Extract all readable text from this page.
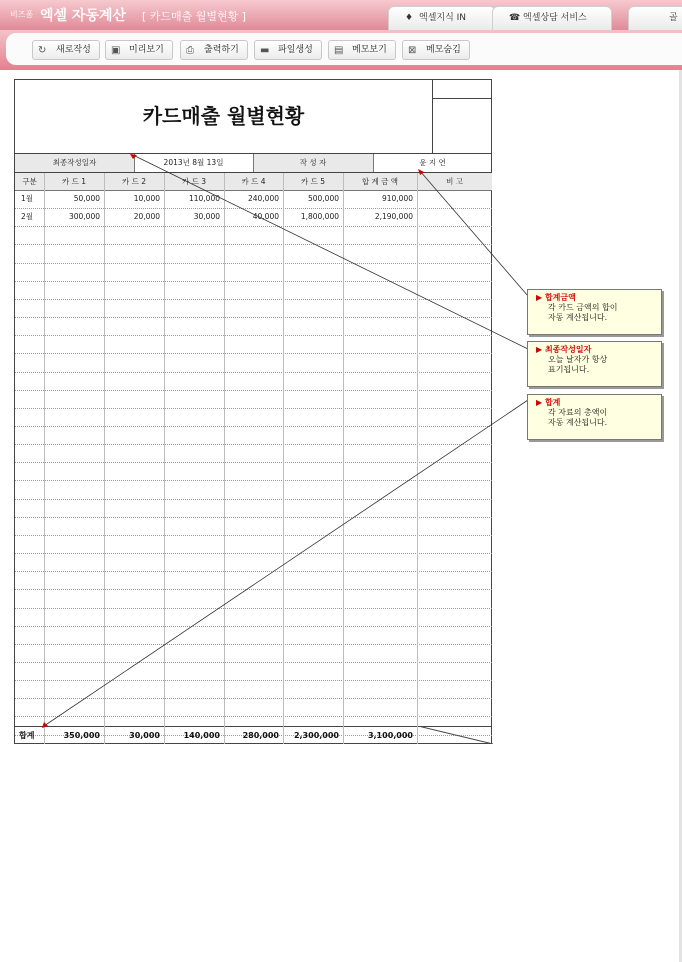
비즈폼 엑셀 자동계산 [ 카드매출 월별현황 ]	♦ 엑셀지식 IN	☎ 엑셀상담 서비스	골
↻ 새로작성	▣ 미리보기	⎙ 출력하기	▬ 파일생성	▤ 메모보기	⊠ 메모숨김
카드매출 월별현황
최종작성일자	2013년 8월 13일	작 성 자	윤 지 연
구분	카 드 1	카 드 2	카 드 3	카 드 4	카 드 5	합 계 금 액	비 고
1월	50,000	10,000	110,000	240,000	500,000	910,000
2월	300,000	20,000	30,000	40,000	1,800,000	2,190,000
합계	350,000	30,000	140,000	280,000	2,300,000	3,100,000
▶ 합계금액
각 카드 금액의 합이
자동 계산됩니다.
▶ 최종작성일자
오늘 날자가 항상
표기됩니다.
▶ 합계
각 자료의 총액이
자동 계산됩니다.
